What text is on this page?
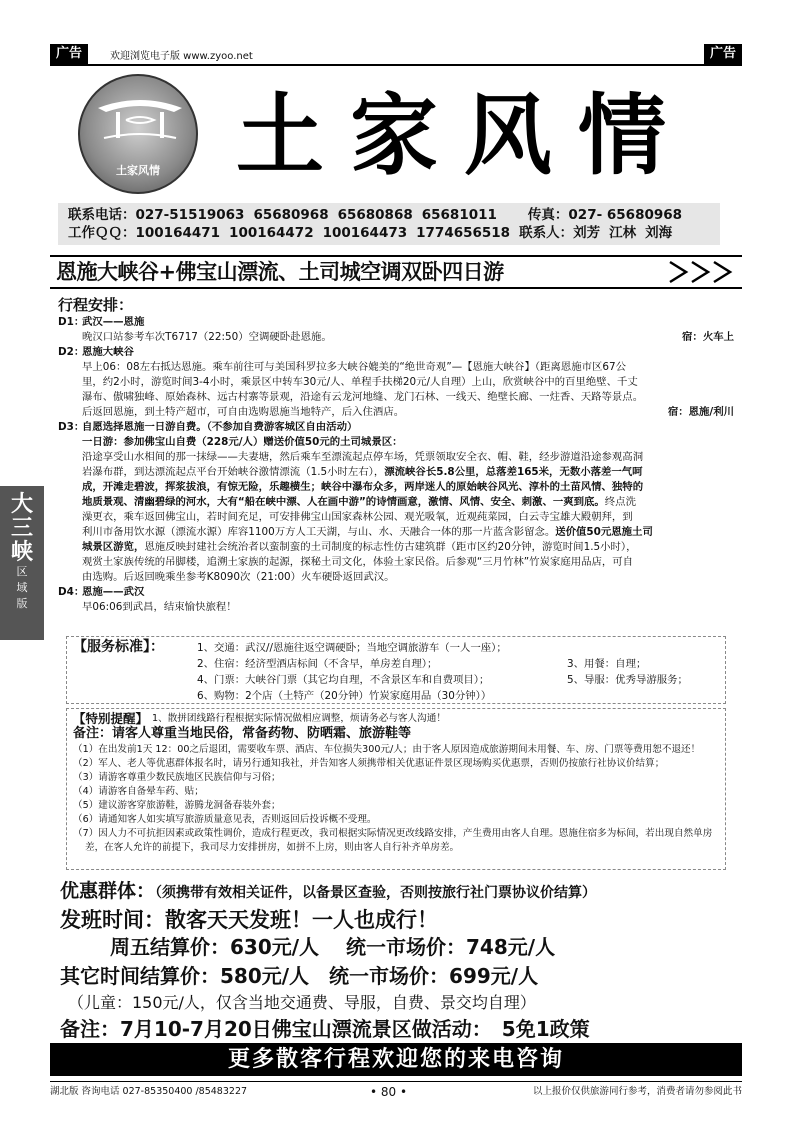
广告	欢迎浏览电子版 www.zyoo.net	广告
土家风情 土家风情
联系电话：027-51519063 65680968 65680868 65681011 传真：027- 65680968
工作ＱＱ：100164471 100164472 100164473 1774656518 联系人：刘芳 江林 刘海
恩施大峡谷+佛宝山漂流、土司城空调双卧四日游
大
三
峡
区
域
版
行程安排：
D1：
武汉——恩施
晚汉口站参考车次T6717（22:50）空调硬卧赴恩施。	宿：火车上
D2：
恩施大峡谷
早上06：08左右抵达恩施。乘车前往可与美国科罗拉多大峡谷媲美的“绝世奇观”—【恩施大峡谷】（距离恩施市区67公
里，约2小时，游览时间3-4小时，乘景区中转车30元/人、单程手扶梯20元/人自理）上山，欣赏峡谷中的百里绝壁、千丈
瀑布、傲啸独峰、原始森林、远古村寨等景观，沿途有云龙河地缝、龙门石林、一线天、绝壁长廊、一炷香、天路等景点。
后返回恩施，到土特产超市，可自由选购恩施当地特产，后入住酒店。	宿：恩施/利川
D3：
自愿选择恩施一日游自费。（不参加自费游客城区自由活动）
一日游：参加佛宝山自费（228元/人）赠送价值50元的土司城景区：
沿途享受山水相间的那一抹绿——夫妻塘，然后乘车至漂流起点停车场，凭票领取安全衣、帽、鞋，经步游道沿途参观高洞
岩瀑布群，到达漂流起点平台开始峡谷激情漂流（1.5小时左右），漂流峡谷长5.8公里，总落差165米，无数小落差一气呵
成，开滩走碧波，挥浆拔浪，有惊无险，乐趣横生；峡谷中瀑布众多，两岸迷人的原始峡谷风光、淳朴的土苗风情、独特的
地质景观、清幽碧绿的河水，大有“船在峡中漂、人在画中游”的诗情画意，激情、风情、安全、刺激、一爽到底。终点洗
澡更衣，乘车返回佛宝山，若时间充足，可安排佛宝山国家森林公园、观光吸氧，近观莼菜园，白云寺宝雄大殿朝拜，到
利川市备用饮水源（漂流水源）库容1100万方人工天湖，与山、水、天融合一体的那一片蓝含影留念。送价值50元恩施土司
城景区游览，恩施反映封建社会统治者以蛮制蛮的土司制度的标志性仿古建筑群（距市区约20分钟，游览时间1.5小时），
观赏土家族传统的吊脚楼，追溯土家族的起源，探秘土司文化，体验土家民俗。后参观“三月竹林”竹炭家庭用品店，可自
由选购。后返回晚乘坐参考K8090次（21:00）火车硬卧返回武汉。
D4：
恩施——武汉
早06:06到武昌，结束愉快旅程！
【服务标准】：	1、交通：武汉//恩施往返空调硬卧；当地空调旅游车（一人一座）；
2、住宿：经济型酒店标间（不含早，单房差自理）；	3、用餐：自理；
4、门票：大峡谷门票（其它均自理，不含景区车和自费项目）；	5、导服：优秀导游服务；
6、购物：2个店（土特产（20分钟）竹炭家庭用品（30分钟））
【特别提醒】 1、散拼团线路行程根据实际情况做相应调整，烦请务必与客人沟通！
备注：请客人尊重当地民俗，常备药物、防晒霜、旅游鞋等
（1）在出发前1天 12：00之后退团，需要收车票、酒店、车位损失300元/人；由于客人原因造成旅游期间未用餐、车、房、门票等费用恕不退还！
（2）军人、老人等优惠群体报名时，请另行通知我社，并告知客人须携带相关优惠证件景区现场购买优惠票，否则仍按旅行社协议价结算；
（3）请游客尊重少数民族地区民族信仰与习俗；
（4）请游客自备晕车药、贴；
（5）建议游客穿旅游鞋，游腾龙洞备春装外套；
（6）请通知客人如实填写旅游质量意见表，否则返回后投诉概不受理。
（7）因人力不可抗拒因素或政策性调价，造成行程更改，我司根据实际情况更改线路安排，产生费用由客人自理。恩施住宿多为标间，若出现自然单房差，在客人允许的前提下，我司尽力安排拼房，如拼不上房，则由客人自行补齐单房差。
优惠群体：（须携带有效相关证件，以备景区查验，否则按旅行社门票协议价结算）
发班时间：散客天天发班！一人也成行！
周五结算价：630元/人　 统一市场价：748元/人
其它时间结算价：580元/人　统一市场价：699元/人
（儿童：150元/人，仅含当地交通费、导服，自费、景交均自理）
备注：7月10-7月20日佛宝山漂流景区做活动：　5免1政策
更多散客行程欢迎您的来电咨询
湖北版 咨询电话 027-85350400 /85483227	• 80 •	以上报价仅供旅游同行参考，消费者请勿参阅此书
